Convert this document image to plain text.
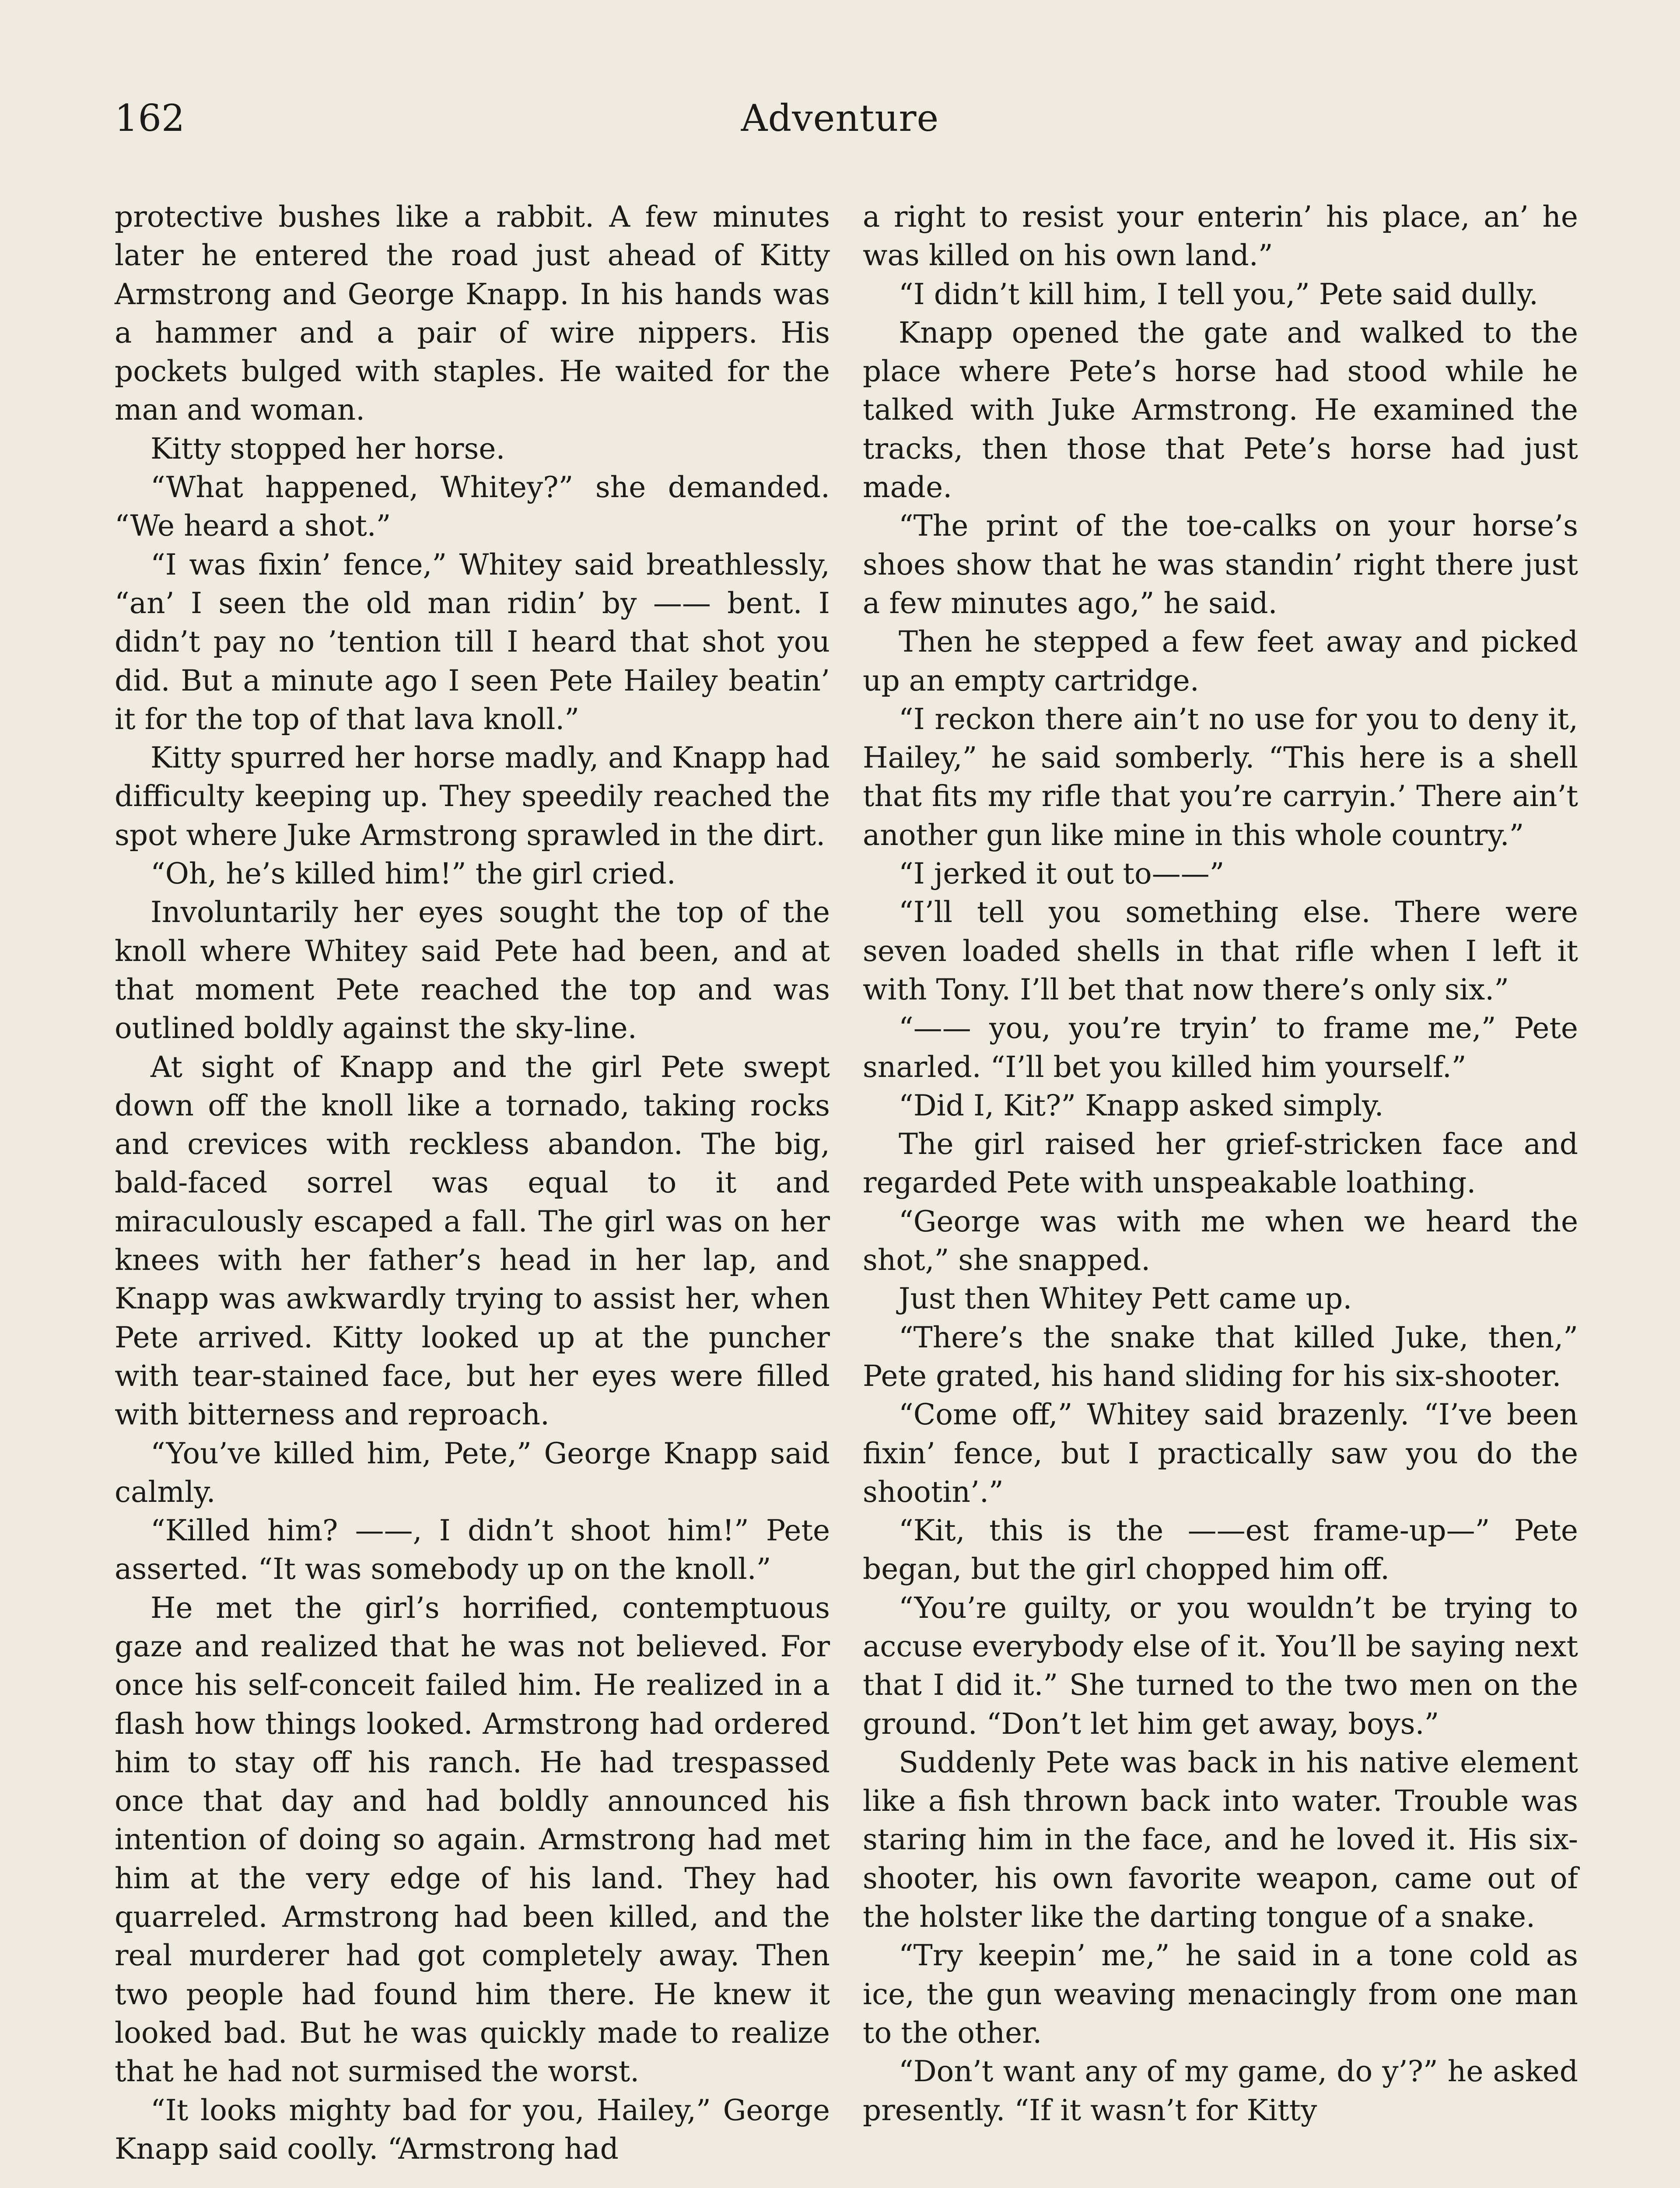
162	Adventure

protective bushes like a rabbit. A few minutes later he entered the road just ahead of Kitty Armstrong and George Knapp. In his hands was a hammer and a pair of wire nippers. His pockets bulged with staples. He waited for the man and woman.

Kitty stopped her horse.

“What happened, Whitey?” she demanded. “We heard a shot.”

“I was fixin’ fence,” Whitey said breathlessly, “an’ I seen the old man ridin’ by —— bent. I didn’t pay no ’tention till I heard that shot you did. But a minute ago I seen Pete Hailey beatin’ it for the top of that lava knoll.”

Kitty spurred her horse madly, and Knapp had difficulty keeping up. They speedily reached the spot where Juke Armstrong sprawled in the dirt.

“Oh, he’s killed him!” the girl cried.

Involuntarily her eyes sought the top of the knoll where Whitey said Pete had been, and at that moment Pete reached the top and was outlined boldly against the sky-line.

At sight of Knapp and the girl Pete swept down off the knoll like a tornado, taking rocks and crevices with reckless abandon. The big, bald-faced sorrel was equal to it and miraculously escaped a fall. The girl was on her knees with her father’s head in her lap, and Knapp was awkwardly trying to assist her, when Pete arrived. Kitty looked up at the puncher with tear-stained face, but her eyes were filled with bitterness and reproach.

“You’ve killed him, Pete,” George Knapp said calmly.

“Killed him? ——, I didn’t shoot him!” Pete asserted. “It was somebody up on the knoll.”

He met the girl’s horrified, contemptuous gaze and realized that he was not believed. For once his self-conceit failed him. He realized in a flash how things looked. Armstrong had ordered him to stay off his ranch. He had trespassed once that day and had boldly announced his intention of doing so again. Armstrong had met him at the very edge of his land. They had quarreled. Armstrong had been killed, and the real murderer had got completely away. Then two people had found him there. He knew it looked bad. But he was quickly made to realize that he had not surmised the worst.

“It looks mighty bad for you, Hailey,” George Knapp said coolly. “Armstrong had

a right to resist your enterin’ his place, an’ he was killed on his own land.”

“I didn’t kill him, I tell you,” Pete said dully.

Knapp opened the gate and walked to the place where Pete’s horse had stood while he talked with Juke Armstrong. He examined the tracks, then those that Pete’s horse had just made.

“The print of the toe-calks on your horse’s shoes show that he was standin’ right there just a few minutes ago,” he said.

Then he stepped a few feet away and picked up an empty cartridge.

“I reckon there ain’t no use for you to deny it, Hailey,” he said somberly. “This here is a shell that fits my rifle that you’re carryin.’ There ain’t another gun like mine in this whole country.”

“I jerked it out to——”

“I’ll tell you something else. There were seven loaded shells in that rifle when I left it with Tony. I’ll bet that now there’s only six.”

“—— you, you’re tryin’ to frame me,” Pete snarled. “I’ll bet you killed him yourself.”

“Did I, Kit?” Knapp asked simply.

The girl raised her grief-stricken face and regarded Pete with unspeakable loathing.

“George was with me when we heard the shot,” she snapped.

Just then Whitey Pett came up.

“There’s the snake that killed Juke, then,” Pete grated, his hand sliding for his six-shooter.

“Come off,” Whitey said brazenly. “I’ve been fixin’ fence, but I practically saw you do the shootin’.”

“Kit, this is the ——est frame-up—” Pete began, but the girl chopped him off.

“You’re guilty, or you wouldn’t be trying to accuse everybody else of it. You’ll be saying next that I did it.” She turned to the two men on the ground. “Don’t let him get away, boys.”

Suddenly Pete was back in his native element like a fish thrown back into water. Trouble was staring him in the face, and he loved it. His six-shooter, his own favorite weapon, came out of the holster like the darting tongue of a snake.

“Try keepin’ me,” he said in a tone cold as ice, the gun weaving menacingly from one man to the other.

“Don’t want any of my game, do y’?” he asked presently. “If it wasn’t for Kitty
